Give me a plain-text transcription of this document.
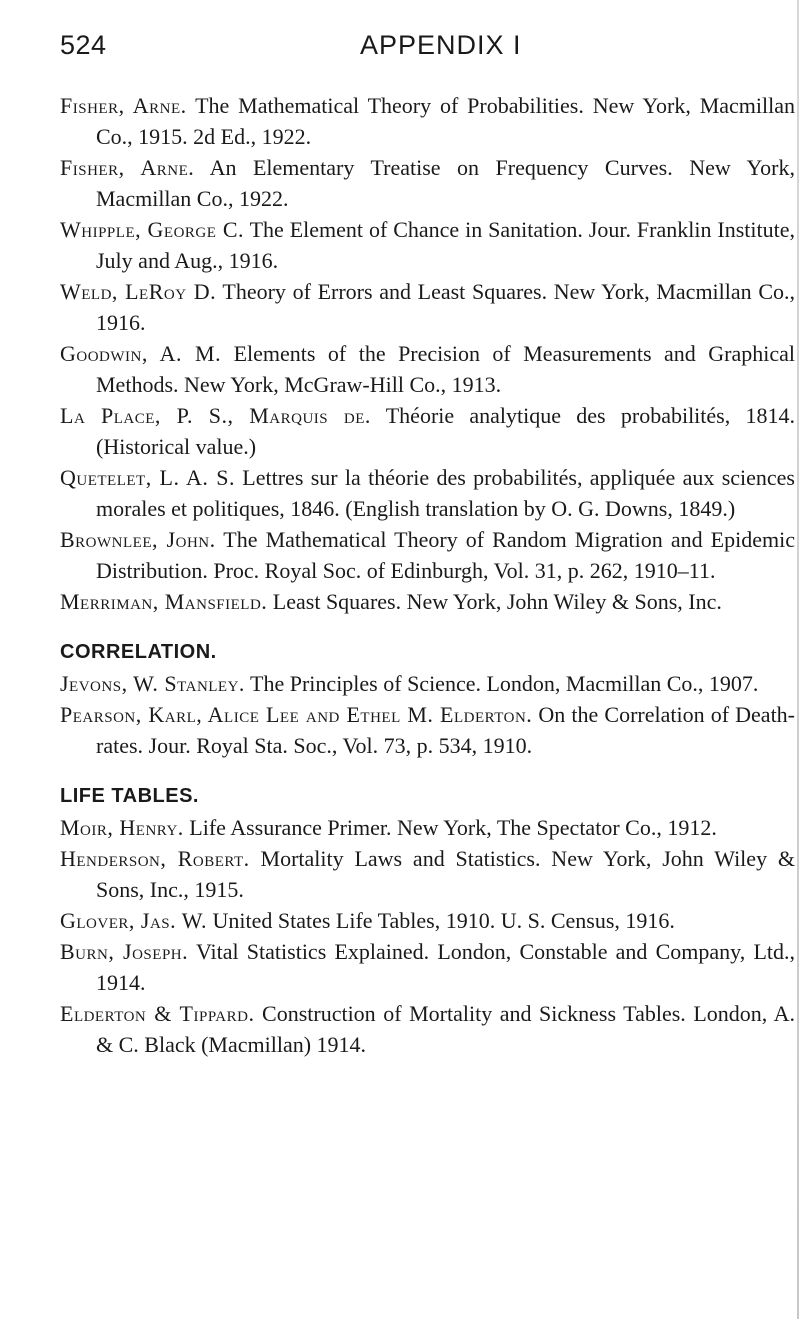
524	APPENDIX I

Fisher, Arne. The Mathematical Theory of Probabilities. New York, Macmillan Co., 1915. 2d Ed., 1922.

Fisher, Arne. An Elementary Treatise on Frequency Curves. New York, Macmillan Co., 1922.

Whipple, George C. The Element of Chance in Sanitation. Jour. Franklin Institute, July and Aug., 1916.

Weld, LeRoy D. Theory of Errors and Least Squares. New York, Macmillan Co., 1916.

Goodwin, A. M. Elements of the Precision of Measurements and Graphical Methods. New York, McGraw-Hill Co., 1913.

La Place, P. S., Marquis de. Théorie analytique des probabilités, 1814. (Historical value.)

Quetelet, L. A. S. Lettres sur la théorie des probabilités, appliquée aux sciences morales et politiques, 1846. (English translation by O. G. Downs, 1849.)

Brownlee, John. The Mathematical Theory of Random Migration and Epidemic Distribution. Proc. Royal Soc. of Edinburgh, Vol. 31, p. 262, 1910–11.

Merriman, Mansfield. Least Squares. New York, John Wiley & Sons, Inc.

CORRELATION.

Jevons, W. Stanley. The Principles of Science. London, Macmillan Co., 1907.

Pearson, Karl, Alice Lee and Ethel M. Elderton. On the Correlation of Death-rates. Jour. Royal Sta. Soc., Vol. 73, p. 534, 1910.

LIFE TABLES.

Moir, Henry. Life Assurance Primer. New York, The Spectator Co., 1912.

Henderson, Robert. Mortality Laws and Statistics. New York, John Wiley & Sons, Inc., 1915.

Glover, Jas. W. United States Life Tables, 1910. U. S. Census, 1916.

Burn, Joseph. Vital Statistics Explained. London, Constable and Company, Ltd., 1914.

Elderton & Tippard. Construction of Mortality and Sickness Tables. London, A. & C. Black (Macmillan) 1914.
